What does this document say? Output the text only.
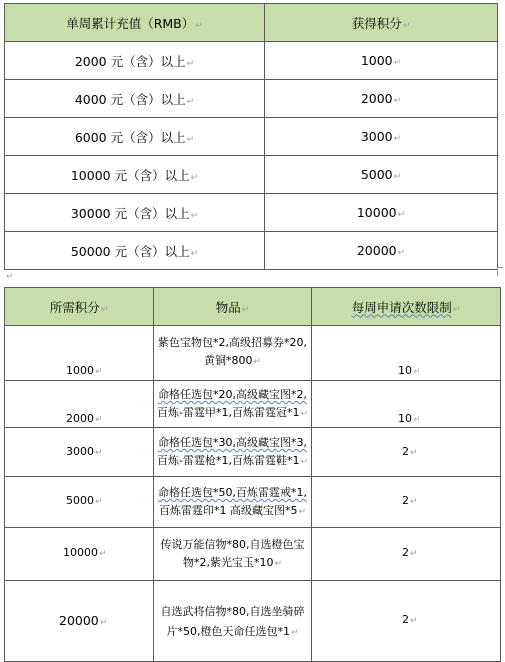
单周累计充值（RMB）↵	获得积分↵
2000 元（含）以上↵	1000↵
4000 元（含）以上↵	2000↵
6000 元（含）以上↵	3000↵
10000 元（含）以上↵	5000↵
30000 元（含）以上↵	10000↵
50000 元（含）以上↵	20000↵
↵
所需积分↵	物品↵	每周申请次数限制↵

1000↵	紫色宝物包*2,高级招募券*20,
黄铜*800↵	10↵

2000↵	命格任选包*20,高级藏宝图*2,
百炼-雷霆甲*1,百炼雷霆冠*1↵	10↵

3000↵	命格任选包*30,高级藏宝图*3,
百炼-雷霆枪*1,百炼雷霆鞋*1↵	2↵

5000↵	命格任选包*50,百炼雷霆戒*1,
百炼雷霆印*1 高级藏宝图*5↵	2↵

10000↵	传说万能信物*80,自选橙色宝
物*2,紫光宝玉*10↵	2↵

20000↵	自选武将信物*80,自选坐骑碎
片*50,橙色天命任选包*1↵	2↵
